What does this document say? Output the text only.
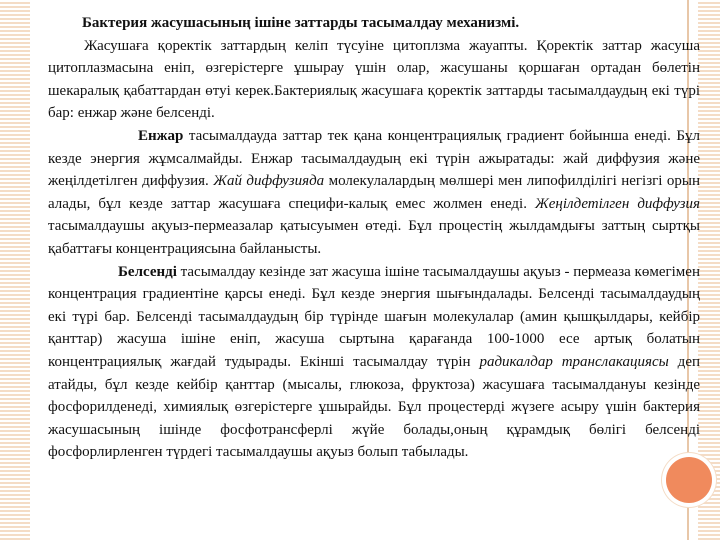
Бактерия жасушасының ішіне заттарды тасымалдау механизмі.

Жасушаға қоректік заттардың келіп түсуіне цитоплзма жауапты. Қоректік заттар жасуша цитоплазмасына еніп, өзгерістерге ұшырау үшін олар, жасушаны қоршаған ортадан бөлетін шекаралық қабаттардан өтуі керек.Бактериялық жасушаға қоректік заттарды тасымалдаудың екі түрі бар: енжар және белсенді.

Енжар тасымалдауда заттар тек қана концентрациялық градиент бойынша енеді. Бұл кезде энергия жұмсалмайды. Енжар тасымалдаудың екі түрін ажыратады: жай диффузия және жеңілдетілген диффузия. Жай диффузияда молекулалардың мөлшері мен липофилділігі негізгі орын алады, бұл кезде заттар жасушаға специфи-калық емес жолмен енеді. Жеңілдетілген диффузия тасымалдаушы ақуыз-пермеазалар қатысуымен өтеді. Бұл процестің жылдамдығы заттың сыртқы қабаттағы концентрациясына байланысты.

Белсенді тасымалдау кезінде зат жасуша ішіне тасымалдаушы ақуыз - пермеаза көмегімен концентрация градиентіне қарсы енеді. Бұл кезде энергия шығындалады. Белсенді тасымалдаудың екі түрі бар. Белсенді тасымалдаудың бір түрінде шағын молекулалар (амин қышқылдары, кейбір қанттар) жасуша ішіне еніп, жасуша сыртына қарағанда 100-1000 есе артық болатын концентрациялық жағдай тудырады. Екінші тасымалдау түрін радикалдар транслакациясы деп атайды, бұл кезде кейбір қанттар (мысалы, глюкоза, фруктоза) жасушаға тасымалдануы кезінде фосфорилденеді, химиялық өзгерістерге ұшырайды. Бұл процестерді жүзеге асыру үшін бактерия жасушасының ішінде фосфотрансферлі жүйе болады,оның құрамдық бөлігі белсенді фосфорлирленген түрдегі тасымалдаушы ақуыз болып табылады.
